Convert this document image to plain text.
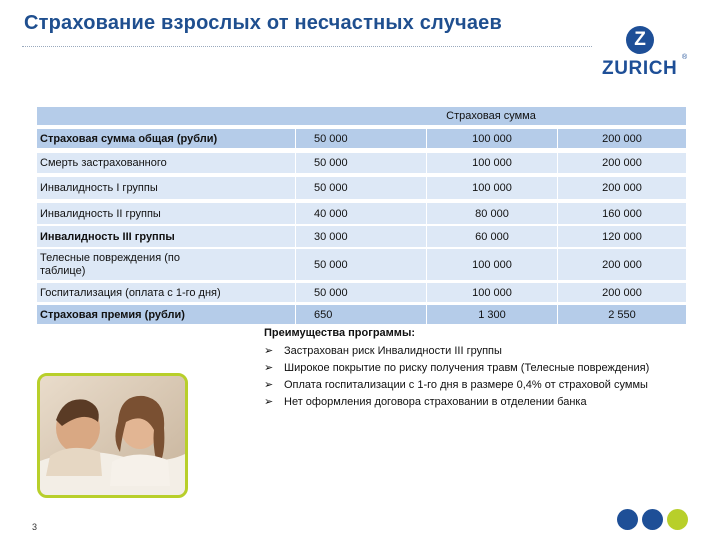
Страхование взрослых от несчастных случаев
Z
ZURICH
®
Страховая сумма
Страховая сумма общая (рубли)	50 000	100 000	200 000
Смерть застрахованного	50 000	100 000	200 000
Инвалидность I группы	50 000	100 000	200 000
Инвалидность II группы	40 000	80 000	160 000
Инвалидность III группы	30 000	60 000	120 000
Телесные повреждения (по таблице)	50 000	100 000	200 000
Госпитализация (оплата с 1-го дня)	50 000	100 000	200 000
Страховая премия (рубли)	650	1 300	2 550
Преимущества программы:
➢ Застрахован риск Инвалидности III группы
➢ Широкое покрытие по риску получения травм (Телесные повреждения)
➢ Оплата госпитализации с 1-го дня в размере 0,4% от страховой суммы
➢ Нет оформления договора страховании в отделении банка
3
